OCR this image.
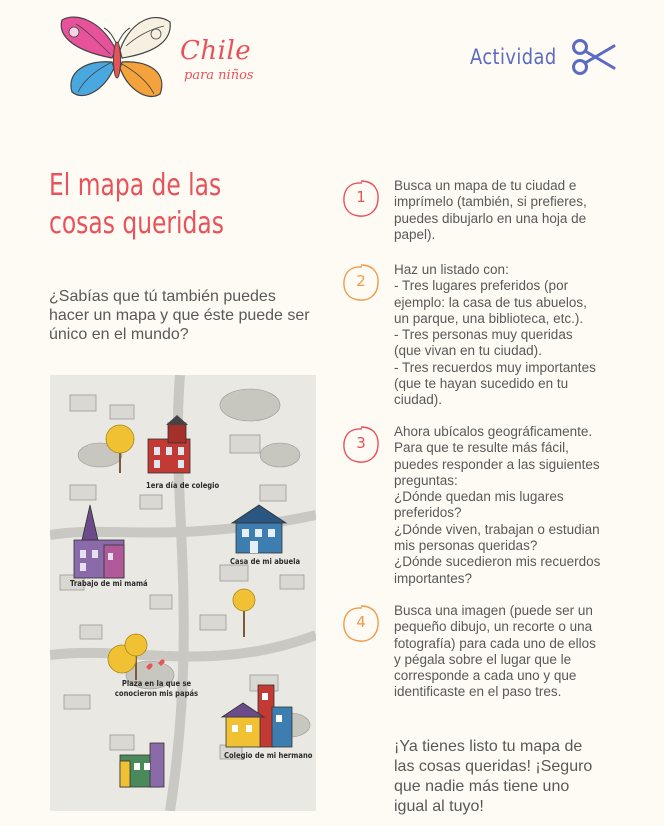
Chile
para niños
Actividad
El mapa de las
cosas queridas
¿Sabías que tú también puedes hacer un mapa y que éste puede ser único en el mundo?
1era día de colegio
Trabajo de mi mamá
Casa de mi abuela
Plaza en la que se conocieron mis papás
Colegio de mi hermano
1
Busca un mapa de tu ciudad e
imprímelo (también, si prefieres,
puedes dibujarlo en una hoja de
papel).
2
Haz un listado con:
- Tres lugares preferidos (por
ejemplo: la casa de tus abuelos,
un parque, una biblioteca, etc.).
- Tres personas muy queridas
(que vivan en tu ciudad).
- Tres recuerdos muy importantes
(que te hayan sucedido en tu
ciudad).
3
Ahora ubícalos geográficamente.
Para que te resulte más fácil,
puedes responder a las siguientes
preguntas:
¿Dónde quedan mis lugares
preferidos?
¿Dónde viven, trabajan o estudian
mis personas queridas?
¿Dónde sucedieron mis recuerdos
importantes?
4
Busca una imagen (puede ser un
pequeño dibujo, un recorte o una
fotografía) para cada uno de ellos
y pégala sobre el lugar que le
corresponde a cada uno y que
identificaste en el paso tres.
¡Ya tienes listo tu mapa de
las cosas queridas! ¡Seguro
que nadie más tiene uno
igual al tuyo!
